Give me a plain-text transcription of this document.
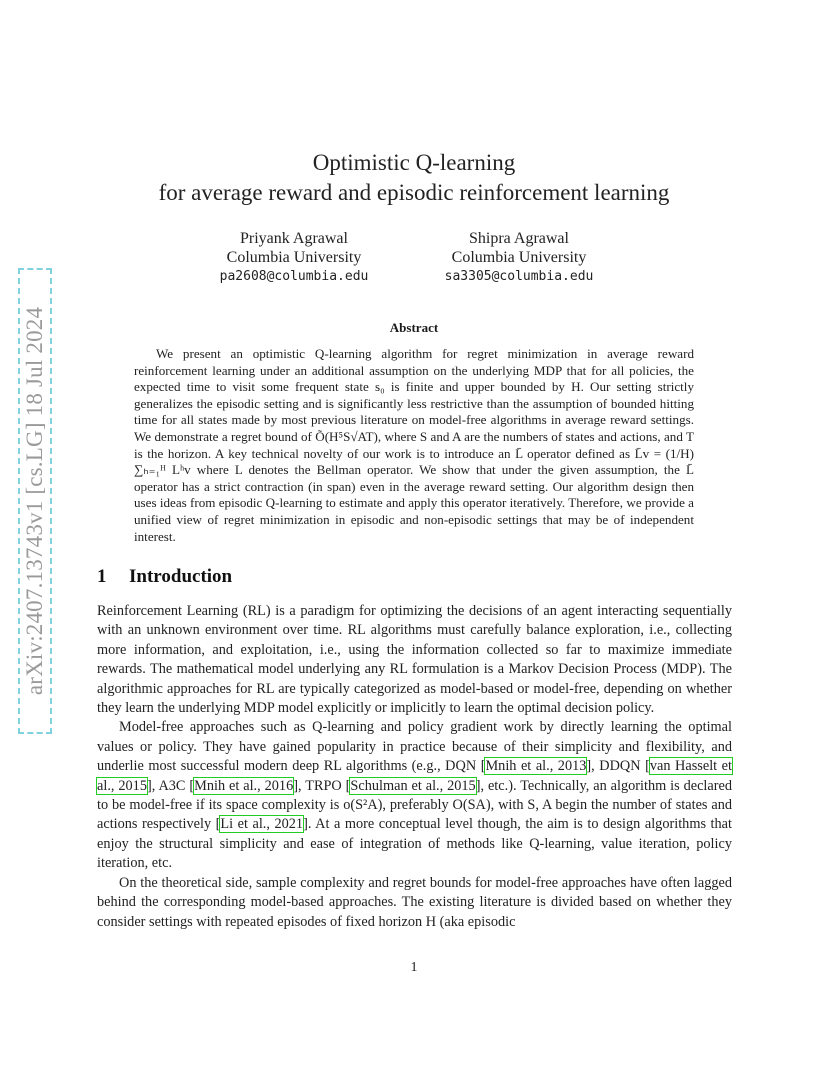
arXiv:2407.13743v1 [cs.LG] 18 Jul 2024
Optimistic Q-learning
for average reward and episodic reinforcement learning
Priyank Agrawal
Columbia University
pa2608@columbia.edu
Shipra Agrawal
Columbia University
sa3305@columbia.edu
Abstract

We present an optimistic Q-learning algorithm for regret minimization in average reward reinforcement learning under an additional assumption on the underlying MDP that for all policies, the expected time to visit some frequent state s₀ is finite and upper bounded by H. Our setting strictly generalizes the episodic setting and is significantly less restrictive than the assumption of bounded hitting time for all states made by most previous literature on model-free algorithms in average reward settings. We demonstrate a regret bound of Õ(H⁵S√AT), where S and A are the numbers of states and actions, and T is the horizon. A key technical novelty of our work is to introduce an L̄ operator defined as L̄v = (1/H) ∑ₕ₌₁ᴴ Lʰv where L denotes the Bellman operator. We show that under the given assumption, the L̄ operator has a strict contraction (in span) even in the average reward setting. Our algorithm design then uses ideas from episodic Q-learning to estimate and apply this operator iteratively. Therefore, we provide a unified view of regret minimization in episodic and non-episodic settings that may be of independent interest.

1 Introduction

Reinforcement Learning (RL) is a paradigm for optimizing the decisions of an agent interacting sequentially with an unknown environment over time. RL algorithms must carefully balance exploration, i.e., collecting more information, and exploitation, i.e., using the information collected so far to maximize immediate rewards. The mathematical model underlying any RL formulation is a Markov Decision Process (MDP). The algorithmic approaches for RL are typically categorized as model-based or model-free, depending on whether they learn the underlying MDP model explicitly or implicitly to learn the optimal decision policy.

Model-free approaches such as Q-learning and policy gradient work by directly learning the optimal values or policy. They have gained popularity in practice because of their simplicity and flexibility, and underlie most successful modern deep RL algorithms (e.g., DQN [Mnih et al., 2013], DDQN [van Hasselt et al., 2015], A3C [Mnih et al., 2016], TRPO [Schulman et al., 2015], etc.). Technically, an algorithm is declared to be model-free if its space complexity is o(S²A), preferably O(SA), with S, A begin the number of states and actions respectively [Li et al., 2021]. At a more conceptual level though, the aim is to design algorithms that enjoy the structural simplicity and ease of integration of methods like Q-learning, value iteration, policy iteration, etc.

On the theoretical side, sample complexity and regret bounds for model-free approaches have often lagged behind the corresponding model-based approaches. The existing literature is divided based on whether they consider settings with repeated episodes of fixed horizon H (aka episodic

1
